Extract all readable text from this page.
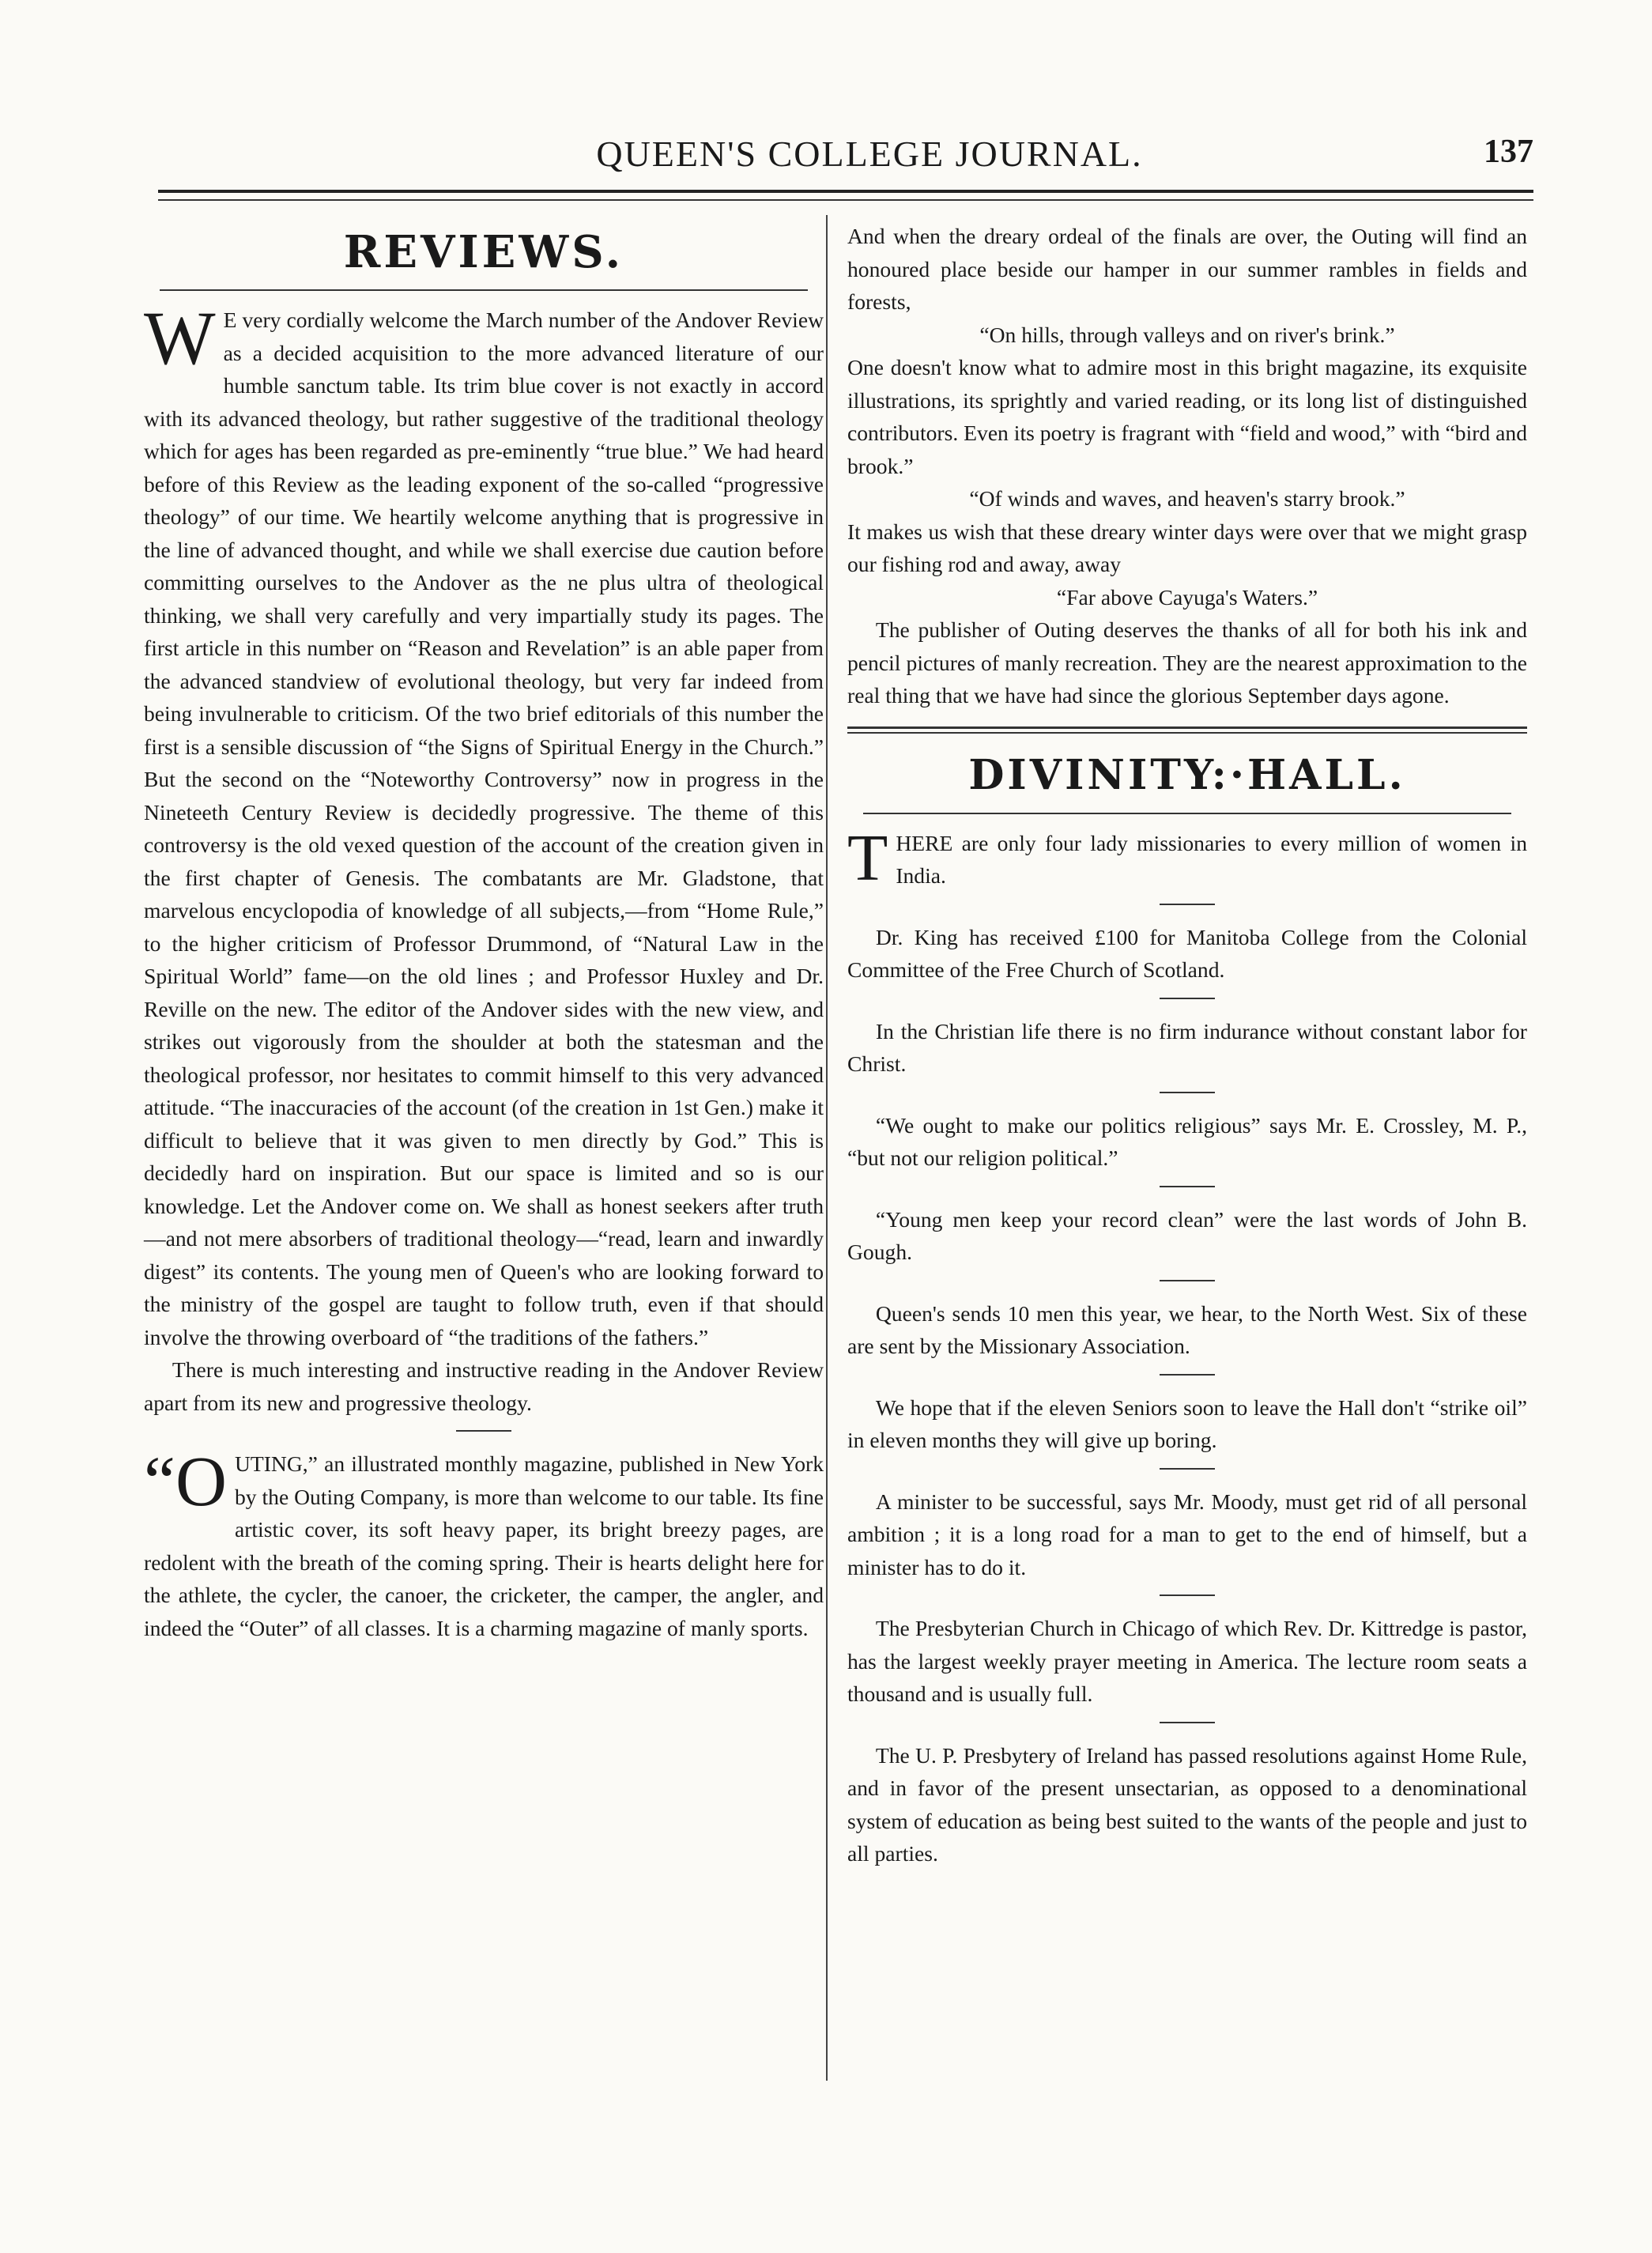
QUEEN'S COLLEGE JOURNAL.	137
REVIEWS.

W E very cordially welcome the March number of the Andover Review as a decided acquisition to the more advanced literature of our humble sanctum table. Its trim blue cover is not exactly in accord with its advanced theology, but rather suggestive of the traditional theology which for ages has been regarded as pre-eminently “true blue.” We had heard before of this Review as the leading exponent of the so-called “progressive theology” of our time. We heartily welcome anything that is progressive in the line of advanced thought, and while we shall exercise due caution before committing ourselves to the Andover as the ne plus ultra of theological thinking, we shall very carefully and very impartially study its pages. The first article in this number on “Reason and Revelation” is an able paper from the advanced standview of evolutional theology, but very far indeed from being invulnerable to criticism. Of the two brief editorials of this number the first is a sensible discussion of “the Signs of Spiritual Energy in the Church.” But the second on the “Noteworthy Controversy” now in progress in the Nineteeth Century Review is decidedly progressive. The theme of this controversy is the old vexed question of the account of the creation given in the first chapter of Genesis. The combatants are Mr. Gladstone, that marvelous encyclopodia of knowledge of all subjects,—from “Home Rule,” to the higher criticism of Professor Drummond, of “Natural Law in the Spiritual World” fame—on the old lines ; and Professor Huxley and Dr. Reville on the new. The editor of the Andover sides with the new view, and strikes out vigorously from the shoulder at both the statesman and the theological professor, nor hesitates to commit himself to this very advanced attitude. “The inaccuracies of the account (of the creation in 1st Gen.) make it difficult to believe that it was given to men directly by God.” This is decidedly hard on inspiration. But our space is limited and so is our knowledge. Let the Andover come on. We shall as honest seekers after truth—and not mere absorbers of traditional theology—“read, learn and inwardly digest” its contents. The young men of Queen's who are looking forward to the ministry of the gospel are taught to follow truth, even if that should involve the throwing overboard of “the traditions of the fathers.”

There is much interesting and instructive reading in the Andover Review apart from its new and progressive theology.

“OUTING,” an illustrated monthly magazine, published in New York by the Outing Company, is more than welcome to our table. Its fine artistic cover, its soft heavy paper, its bright breezy pages, are redolent with the breath of the coming spring. Their is hearts delight here for the athlete, the cycler, the canoer, the cricketer, the camper, the angler, and indeed the “Outer” of all classes. It is a charming magazine of manly sports.

And when the dreary ordeal of the finals are over, the Outing will find an honoured place beside our hamper in our summer rambles in fields and forests,

“On hills, through valleys and on river's brink.”

One doesn't know what to admire most in this bright magazine, its exquisite illustrations, its sprightly and varied reading, or its long list of distinguished contributors. Even its poetry is fragrant with “field and wood,” with “bird and brook.”

“Of winds and waves, and heaven's starry brook.”

It makes us wish that these dreary winter days were over that we might grasp our fishing rod and away, away

“Far above Cayuga's Waters.”

The publisher of Outing deserves the thanks of all for both his ink and pencil pictures of manly recreation. They are the nearest approximation to the real thing that we have had since the glorious September days agone.

DIVINITY:·HALL.

THERE are only four lady missionaries to every million of women in India.

Dr. King has received £100 for Manitoba College from the Colonial Committee of the Free Church of Scotland.

In the Christian life there is no firm indurance without constant labor for Christ.

“We ought to make our politics religious” says Mr. E. Crossley, M. P., “but not our religion political.”

“Young men keep your record clean” were the last words of John B. Gough.

Queen's sends 10 men this year, we hear, to the North West. Six of these are sent by the Missionary Association.

We hope that if the eleven Seniors soon to leave the Hall don't “strike oil” in eleven months they will give up boring.

A minister to be successful, says Mr. Moody, must get rid of all personal ambition ; it is a long road for a man to get to the end of himself, but a minister has to do it.

The Presbyterian Church in Chicago of which Rev. Dr. Kittredge is pastor, has the largest weekly prayer meeting in America. The lecture room seats a thousand and is usually full.

The U. P. Presbytery of Ireland has passed resolutions against Home Rule, and in favor of the present unsectarian, as opposed to a denominational system of education as being best suited to the wants of the people and just to all parties.
